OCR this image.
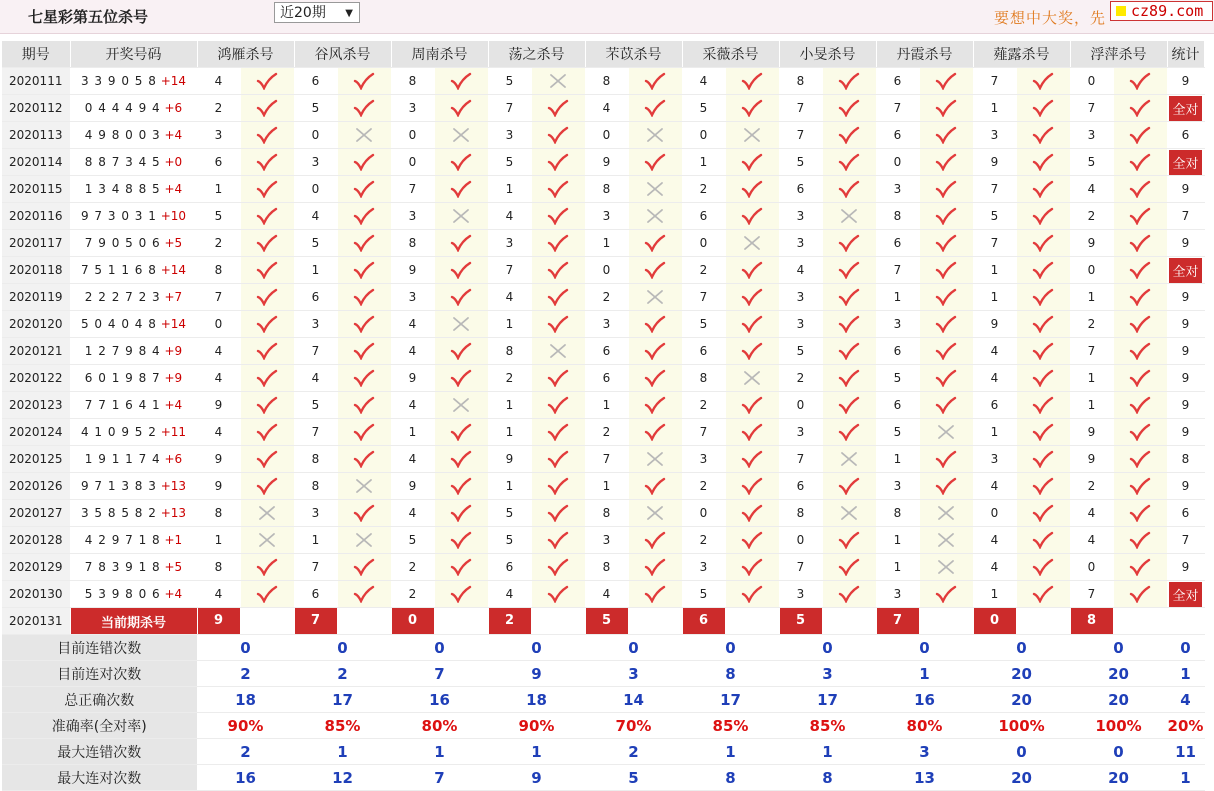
七星彩第五位杀号	近20期 ▼	要想中大奖，先	cz89.com
期号	开奖号码	鸿雁杀号		谷风杀号		周南杀号		荡之杀号		芣苡杀号		采薇杀号		小旻杀号		丹霞杀号		薤露杀号		浮萍杀号		统计
2020111	3 3 9 0 5 8 +14	4		6		8		5		8		4		8		6		7		0		9
2020112	0 4 4 4 9 4 +6	2		5		3		7		4		5		7		7		1		7		全对
2020113	4 9 8 0 0 3 +4	3		0		0		3		0		0		7		6		3		3		6
2020114	8 8 7 3 4 5 +0	6		3		0		5		9		1		5		0		9		5		全对
2020115	1 3 4 8 8 5 +4	1		0		7		1		8		2		6		3		7		4		9
2020116	9 7 3 0 3 1 +10	5		4		3		4		3		6		3		8		5		2		7
2020117	7 9 0 5 0 6 +5	2		5		8		3		1		0		3		6		7		9		9
2020118	7 5 1 1 6 8 +14	8		1		9		7		0		2		4		7		1		0		全对
2020119	2 2 2 7 2 3 +7	7		6		3		4		2		7		3		1		1		1		9
2020120	5 0 4 0 4 8 +14	0		3		4		1		3		5		3		3		9		2		9
2020121	1 2 7 9 8 4 +9	4		7		4		8		6		6		5		6		4		7		9
2020122	6 0 1 9 8 7 +9	4		4		9		2		6		8		2		5		4		1		9
2020123	7 7 1 6 4 1 +4	9		5		4		1		1		2		0		6		6		1		9
2020124	4 1 0 9 5 2 +11	4		7		1		1		2		7		3		5		1		9		9
2020125	1 9 1 1 7 4 +6	9		8		4		9		7		3		7		1		3		9		8
2020126	9 7 1 3 8 3 +13	9		8		9		1		1		2		6		3		4		2		9
2020127	3 5 8 5 8 2 +13	8		3		4		5		8		0		8		8		0		4		6
2020128	4 2 9 7 1 8 +1	1		1		5		5		3		2		0		1		4		4		7
2020129	7 8 3 9 1 8 +5	8		7		2		6		8		3		7		1		4		0		9
2020130	5 3 9 8 0 6 +4	4		6		2		4		4		5		3		3		1		7		全对
2020131	当前期杀号	9		7		0		2		5		6		5		7		0		8		
目前连错次数		0		0		0		0		0		0		0		0		0		0		0
目前连对次数		2		2		7		9		3		8		3		1		20		20		1
总正确次数		18		17		16		18		14		17		17		16		20		20		4
准确率(全对率)		90%		85%		80%		90%		70%		85%		85%		80%		100%		100%		20%
最大连错次数		2		1		1		1		2		1		1		3		0		0		11
最大连对次数		16		12		7		9		5		8		8		13		20		20		1
